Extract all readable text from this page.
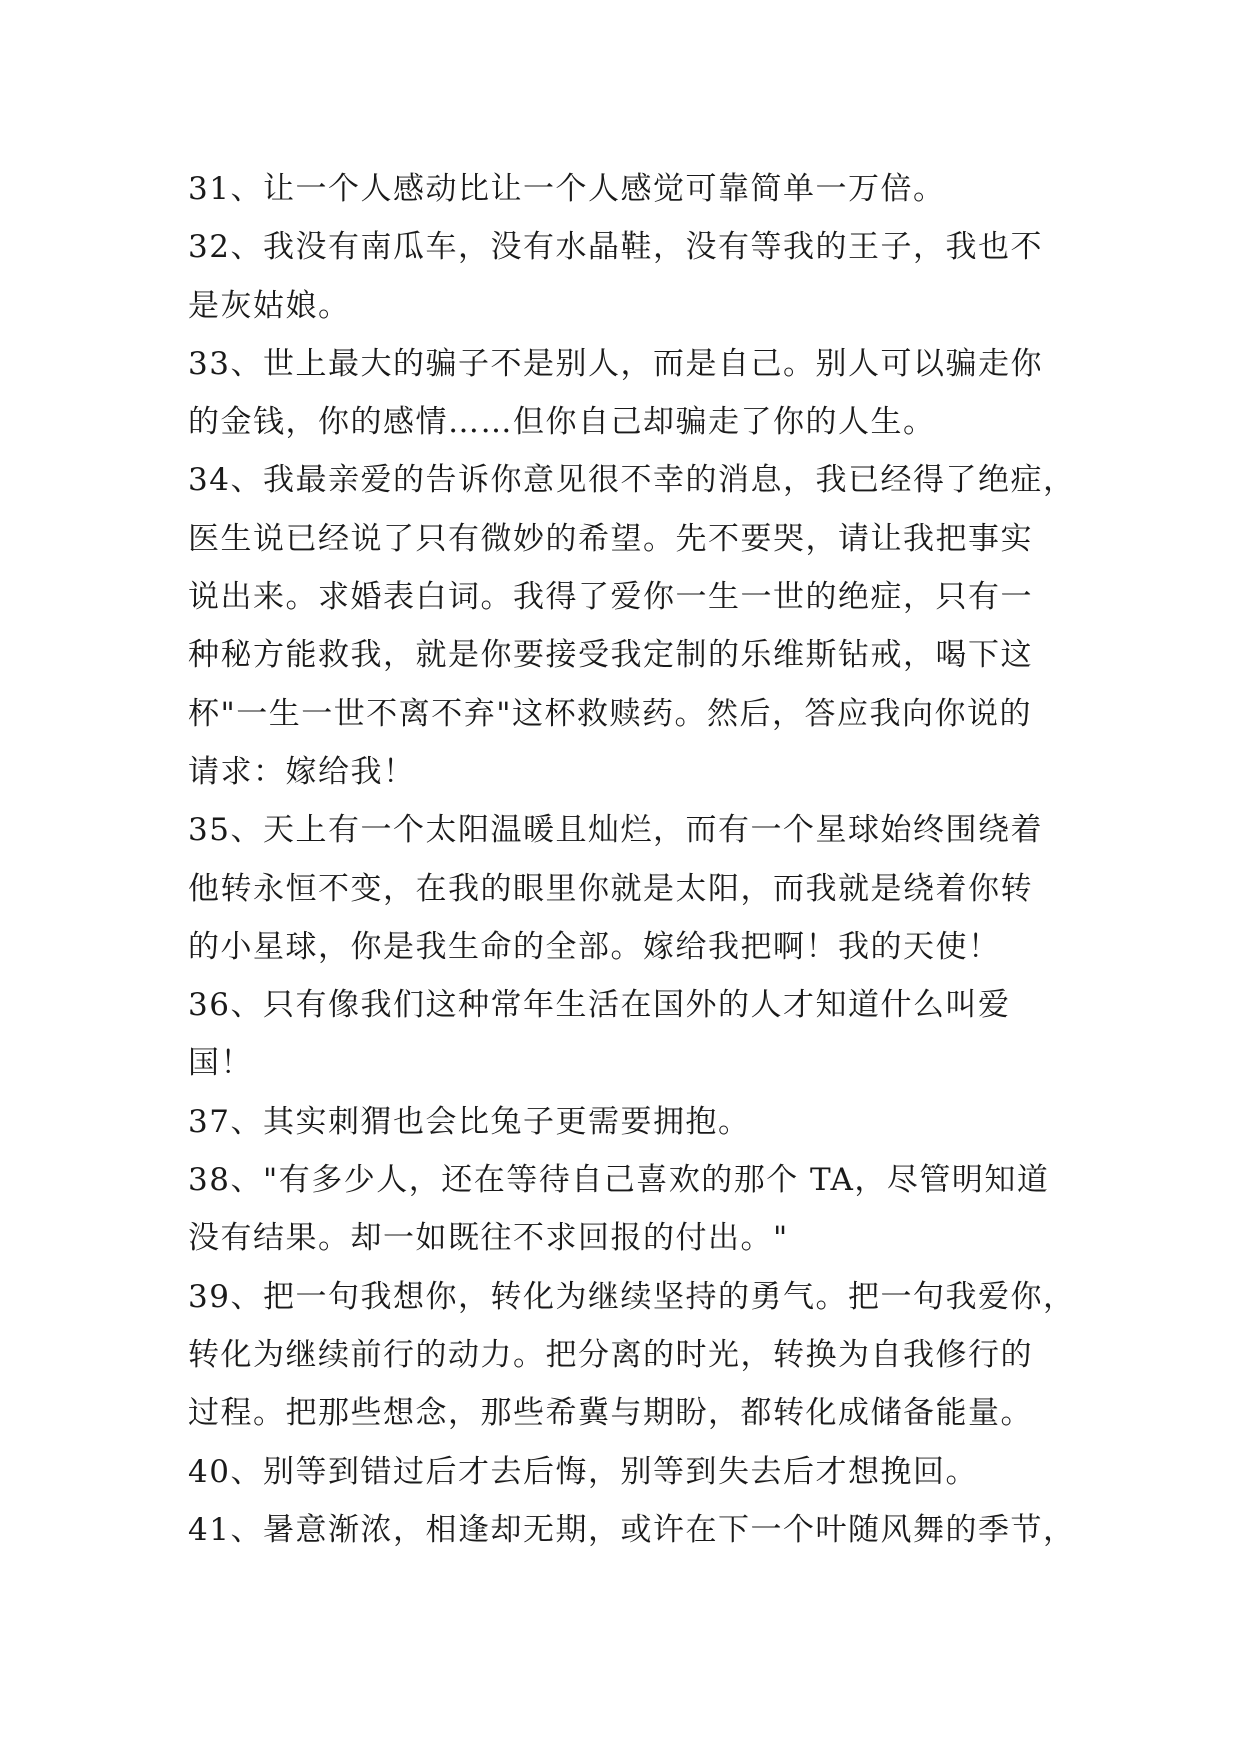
31、让一个人感动比让一个人感觉可靠简单一万倍。
32、我没有南瓜车，没有水晶鞋，没有等我的王子，我也不
是灰姑娘。
33、世上最大的骗子不是别人，而是自己。别人可以骗走你
的金钱，你的感情……但你自己却骗走了你的人生。
34、我最亲爱的告诉你意见很不幸的消息，我已经得了绝症，
医生说已经说了只有微妙的希望。先不要哭，请让我把事实
说出来。求婚表白词。我得了爱你一生一世的绝症，只有一
种秘方能救我，就是你要接受我定制的乐维斯钻戒，喝下这
杯"一生一世不离不弃"这杯救赎药。然后，答应我向你说的
请求：嫁给我！
35、天上有一个太阳温暖且灿烂，而有一个星球始终围绕着
他转永恒不变，在我的眼里你就是太阳，而我就是绕着你转
的小星球，你是我生命的全部。嫁给我把啊！我的天使！
36、只有像我们这种常年生活在国外的人才知道什么叫爱
国！
37、其实刺猬也会比兔子更需要拥抱。
38、"有多少人，还在等待自己喜欢的那个 TA，尽管明知道
没有结果。却一如既往不求回报的付出。"
39、把一句我想你，转化为继续坚持的勇气。把一句我爱你，
转化为继续前行的动力。把分离的时光，转换为自我修行的
过程。把那些想念，那些希冀与期盼，都转化成储备能量。
40、别等到错过后才去后悔，别等到失去后才想挽回。
41、暑意渐浓，相逢却无期，或许在下一个叶随风舞的季节，
